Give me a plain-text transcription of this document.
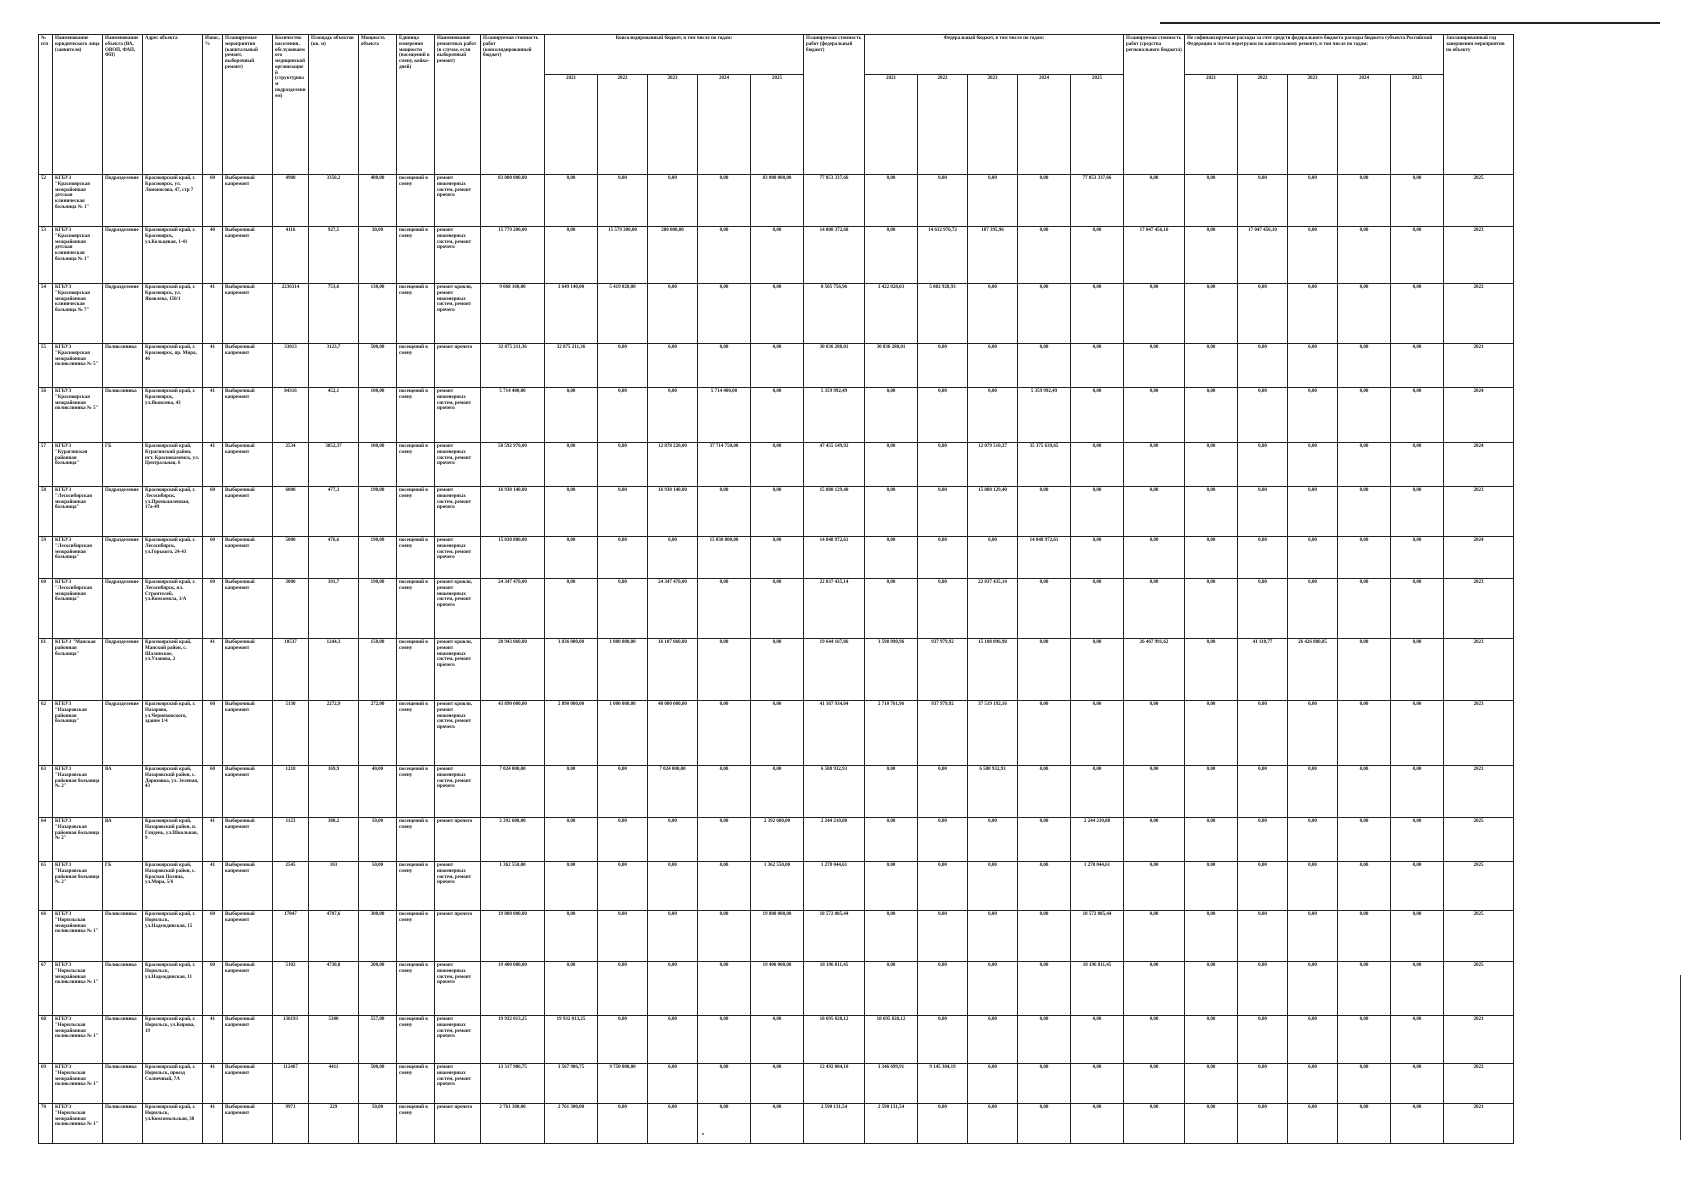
№ п/п	Наименование юридического лица (заявителя)	Наименование объекта (ВА, ОВОП, ФАП, ФП)	Адрес объекта	Износ, %	Планируемые мероприятия (капитальный ремонт, выборочный ремонт)	Количество населения, обслуживаемого медицинской организацией (структурным подразделением)	Площадь объектов (кв. м)	Мощность объекта	Единица измерения мощности (посещений в смену, койко-дней)	Наименование ремонтных работ (в случае, если выборочный ремонт)	Планируемая стоимость работ (консолидированный бюджет)	Консолидированный бюджет, в том числе по годам:					Планируемая стоимость работ (федеральный бюджет)	Федеральный бюджет, в том числе по годам:					Планируемая стоимость работ (средства регионального бюджета)	Не софинансируемые расходы за счет средств федерального бюджета расходы бюджета субъекта Российской Федерации в части перегрузки по капитальному ремонту, в том числе по годам:					Запланированный год завершения мероприятия по объекту
												2021	2022	2023	2024	2025		2021	2022	2023	2024	2025		2021	2022	2023	2024	2025	
52	КГБУЗ "Красноярская межрайонная детская клиническая больница № 1"	Подразделение	Красноярский край, г. Красноярск, ул. Ломоносова, 47, стр 7	60	Выборочный капремонт	4900	3350,2	400,00	посещений в смену	ремонт инженерных систем, ремонт прочего	83 000 000,00	0,00	0,00	0,00	0,00	83 000 000,00	77 853 337,66	0,00	0,00	0,00	0,00	77 853 337,66	0,00	0,00	0,00	0,00	0,00	0,00	2025
53	КГБУЗ "Красноярская межрайонная детская клиническая больница № 1"	Подразделение	Красноярский край, г. Красноярск, ул.Кольцевая, 1-41	40	Выборочный капремонт	4116	927,5	30,00	посещений в смену	ремонт инженерных систем, ремонт прочего	15 779 200,00	0,00	15 579 200,00	200 000,00	0,00	0,00	14 800 372,68	0,00	14 612 976,72	187 395,96	0,00	0,00	17 047 456,10	0,00	17 047 456,10	0,00	0,00	0,00	2023
54	КГБУЗ "Красноярская межрайонная клиническая больница № 7"	Подразделение	Красноярский край, г. Красноярск, ул. Яковлева, 150/1	41	Выборочный капремонт	2236314	753,6	130,00	посещений в смену	ремонт кровли, ремонт инженерных систем, ремонт прочего	9 068 160,00	3 649 140,00	5 419 020,00	0,00	0,00	0,00	8 505 756,96	3 422 828,03	5 082 928,93	0,00	0,00	0,00	0,00	0,00	0,00	0,00	0,00	0,00	2022
55	КГБУЗ "Красноярская межрайонная поликлиника № 5"	Поликлиника	Красноярский край, г. Красноярск, пр. Мира, 46	41	Выборочный капремонт	33013	3123,7	500,00	посещений в смену	ремонт прочего	32 875 211,36	32 875 211,36	0,00	0,00	0,00	0,00	30 836 288,01	30 836 288,01	0,00	0,00	0,00	0,00	0,00	0,00	0,00	0,00	0,00	0,00	2021
56	КГБУЗ "Красноярская межрайонная поликлиника № 5"	Поликлиника	Красноярский край, г. Красноярск, ул.Яковлева, 43	41	Выборочный капремонт	84316	452,1	100,00	посещений в смену	ремонт инженерных систем, ремонт прочего	5 714 400,00	0,00	0,00	0,00	5 714 400,00	0,00	5 359 992,49	0,00	0,00	0,00	5 359 992,49	0,00	0,00	0,00	0,00	0,00	0,00	0,00	2024
57	КГБУЗ "Курагинская районная больница"	ГБ	Красноярский край, Курагинский район, пгт. Краснокаменск, ул. Центральная, 6	41	Выборочный капремонт	2534	3852,37	100,00	посещений в смену	ремонт инженерных систем, ремонт прочего	50 592 970,00	0,00	0,00	12 878 220,00	37 714 750,00	0,00	47 455 149,92	0,00	0,00	12 079 510,27	35 375 639,65	0,00	0,00	0,00	0,00	0,00	0,00	0,00	2024
58	КГБУЗ "Лесосибирская межрайонная больница"	Подразделение	Красноярский край, г. Лесосибирск, ул.Промышленная, 17а-49	60	Выборочный капремонт	6000	477,3	190,00	посещений в смену	ремонт инженерных систем, ремонт прочего	16 930 140,00	0,00	0,00	16 930 140,00	0,00	0,00	15 880 129,40	0,00	0,00	15 880 129,40	0,00	0,00	0,00	0,00	0,00	0,00	0,00	0,00	2023
59	КГБУЗ "Лесосибирская межрайонная больница"	Подразделение	Красноярский край, г. Лесосибирск, ул.Горького, 24-43	60	Выборочный капремонт	5000	476,6	190,00	посещений в смену	ремонт инженерных систем, ремонт прочего	15 830 800,00	0,00	0,00	0,00	15 830 800,00	0,00	14 848 972,61	0,00	0,00	0,00	14 848 972,61	0,00	0,00	0,00	0,00	0,00	0,00	0,00	2024
60	КГБУЗ "Лесосибирская межрайонная больница"	Подразделение	Красноярский край, г. Лесосибирск, пл. Строителей, ул.Комсомола, 1/А	60	Выборочный капремонт	3000	391,7	190,00	посещений в смену	ремонт кровли, ремонт инженерных систем, ремонт прочего	24 347 470,00	0,00	0,00	24 347 470,00	0,00	0,00	22 837 435,14	0,00	0,00	22 837 435,14	0,00	0,00	0,00	0,00	0,00	0,00	0,00	0,00	2023
61	КГБУЗ "Манская районная больница"	Подразделение	Красноярский край, Манский район, с. Шалинское, ул.Уланова, 2	41	Выборочный капремонт	10537	1244,3	150,00	посещений в смену	ремонт кровли, ремонт инженерных систем, ремонт прочего	20 943 060,00	3 836 000,00	1 000 000,00	16 107 060,00	0,00	0,00	19 644 167,86	3 598 090,96	937 979,92	15 108 096,98	0,00	0,00	26 467 991,62	0,00	41 110,77	26 426 880,85	0,00	0,00	2023
62	КГБУЗ "Назаровская районная больница"	Подразделение	Красноярский край, г. Назарово, ул.Черняховского, здание 1/4	60	Выборочный капремонт	5130	2272,9	272,00	посещений в смену	ремонт кровли, ремонт инженерных систем, ремонт прочего	43 890 000,00	2 890 000,00	1 000 000,00	40 000 000,00	0,00	0,00	41 167 934,04	2 710 761,96	937 979,92	37 519 192,16	0,00	0,00	0,00	0,00	0,00	0,00	0,00	0,00	2023
63	КГБУЗ "Назаровская районная больница № 2"	ВА	Красноярский край, Назаровский район, с. Дороховка, ул. Зеленая, 43	60	Выборочный капремонт	1218	169,9	40,00	посещений в смену	ремонт инженерных систем, ремонт прочего	7 024 000,00	0,00	0,00	7 024 000,00	0,00	0,00	6 588 932,93	0,00	0,00	6 588 932,93	0,00	0,00	0,00	0,00	0,00	0,00	0,00	0,00	2023
64	КГБУЗ "Назаровская районная больница № 2"	ВА	Красноярский край, Назаровский район, п. Глядень, ул.Школьная, 9	41	Выборочный капремонт	1123	380,2	50,00	посещений в смену	ремонт прочего	2 392 600,00	0,00	0,00	0,00	0,00	2 392 600,00	2 244 210,88	0,00	0,00	0,00	0,00	2 244 210,88	0,00	0,00	0,00	0,00	0,00	0,00	2025
65	КГБУЗ "Назаровская районная больница № 2"	ГБ	Красноярский край, Назаровский район, с. Красная Поляна, ул.Мира, 5/6	41	Выборочный капремонт	2545	103	50,00	посещений в смену	ремонт инженерных систем, ремонт прочего	1 362 550,00	0,00	0,00	0,00	0,00	1 362 550,00	1 278 044,61	0,00	0,00	0,00	0,00	1 278 044,61	0,00	0,00	0,00	0,00	0,00	0,00	2025
66	КГБУЗ "Норильская межрайонная поликлиника № 1"	Поликлиника	Красноярский край, г. Норильск, ул.Надеждинская, 15	60	Выборочный капремонт	17047	4707,6	300,00	посещений в смену	ремонт прочего	19 800 000,00	0,00	0,00	0,00	0,00	19 800 000,00	18 572 085,44	0,00	0,00	0,00	0,00	18 572 085,44	0,00	0,00	0,00	0,00	0,00	0,00	2025
67	КГБУЗ "Норильская межрайонная поликлиника № 1"	Поликлиника	Красноярский край, г. Норильск, ул.Надеждинская, 11	60	Выборочный капремонт	5102	4730,8	200,00	посещений в смену	ремонт инженерных систем, ремонт прочего	19 400 000,00	0,00	0,00	0,00	0,00	19 400 000,00	18 196 811,45	0,00	0,00	0,00	0,00	18 196 811,45	0,00	0,00	0,00	0,00	0,00	0,00	2025
68	КГБУЗ "Норильская межрайонная поликлиника № 1"	Поликлиника	Красноярский край, г. Норильск, ул.Кирова, 19	41	Выборочный капремонт	136193	5300	557,00	посещений в смену	ремонт инженерных систем, ремонт прочего	19 932 013,25	19 932 013,25	0,00	0,00	0,00	0,00	18 695 828,12	18 695 828,12	0,00	0,00	0,00	0,00	0,00	0,00	0,00	0,00	0,00	0,00	2021
69	КГБУЗ "Норильская межрайонная поликлиника № 1"	Поликлиника	Красноярский край, г. Норильск, проезд Солнечный, 7А	41	Выборочный капремонт	112467	4411	500,00	посещений в смену	ремонт инженерных систем, ремонт прочего	13 317 986,75	3 567 986,75	9 750 000,00	0,00	0,00	0,00	12 492 004,10	3 346 699,91	9 145 304,19	0,00	0,00	0,00	0,00	0,00	0,00	0,00	0,00	0,00	2022
70	КГБУЗ "Норильская межрайонная поликлиника № 1"	Поликлиника	Красноярский край, г. Норильск, ул.Комсомольская, 38	41	Выборочный капремонт	9971	229	50,00	посещений в смену	ремонт прочего	2 761 300,00	2 761 300,00	0,00	0,00	0,00	0,00	2 590 131,54	2 590 131,54	0,00	0,00	0,00	0,00	0,00	0,00	0,00	0,00	0,00	0,00	2021
